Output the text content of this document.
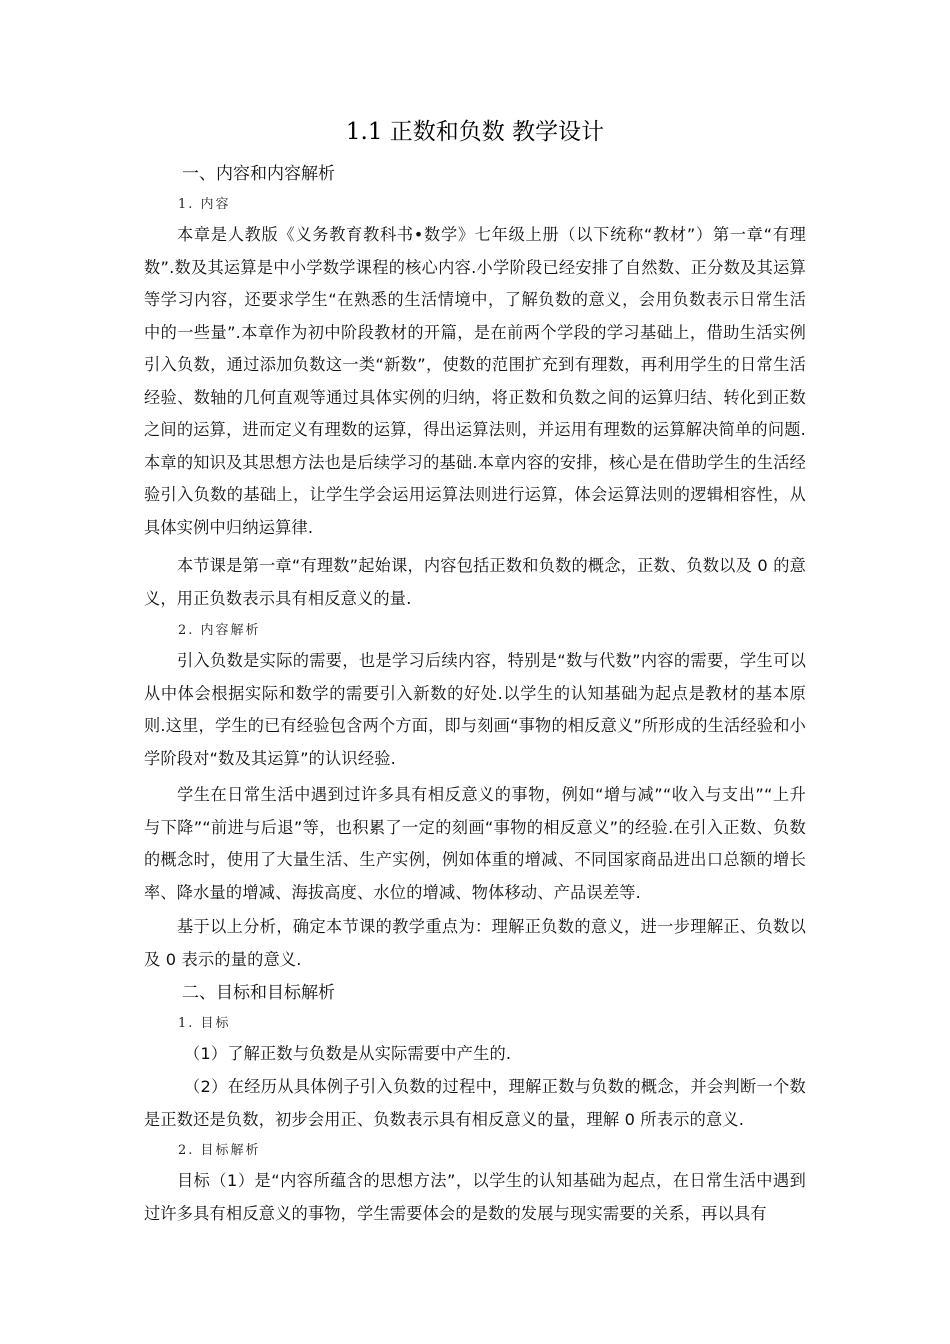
1.1 正数和负数 教学设计
一、内容和内容解析
1. 内容

本章是人教版《义务教育教科书•数学》七年级上册（以下统称“教材”）第一章“有理数”.数及其运算是中小学数学课程的核心内容.小学阶段已经安排了自然数、正分数及其运算等学习内容，还要求学生“在熟悉的生活情境中，了解负数的意义，会用负数表示日常生活中的一些量”.本章作为初中阶段教材的开篇，是在前两个学段的学习基础上，借助生活实例引入负数，通过添加负数这一类“新数”，使数的范围扩充到有理数，再利用学生的日常生活经验、数轴的几何直观等通过具体实例的归纳，将正数和负数之间的运算归结、转化到正数之间的运算，进而定义有理数的运算，得出运算法则，并运用有理数的运算解决简单的问题.本章的知识及其思想方法也是后续学习的基础.本章内容的安排，核心是在借助学生的生活经验引入负数的基础上，让学生学会运用运算法则进行运算，体会运算法则的逻辑相容性，从具体实例中归纳运算律.

本节课是第一章“有理数”起始课，内容包括正数和负数的概念，正数、负数以及 0 的意义，用正负数表示具有相反意义的量.

2. 内容解析

引入负数是实际的需要，也是学习后续内容，特别是“数与代数”内容的需要，学生可以从中体会根据实际和数学的需要引入新数的好处.以学生的认知基础为起点是教材的基本原则.这里，学生的已有经验包含两个方面，即与刻画“事物的相反意义”所形成的生活经验和小学阶段对“数及其运算”的认识经验.

学生在日常生活中遇到过许多具有相反意义的事物，例如“增与减”“收入与支出”“上升与下降”“前进与后退”等，也积累了一定的刻画“事物的相反意义”的经验.在引入正数、负数的概念时，使用了大量生活、生产实例，例如体重的增减、不同国家商品进出口总额的增长率、降水量的增减、海拔高度、水位的增减、物体移动、产品误差等.

基于以上分析，确定本节课的教学重点为：理解正负数的意义，进一步理解正、负数以及 0 表示的量的意义.

二、目标和目标解析
1. 目标

（1）了解正数与负数是从实际需要中产生的.

（2）在经历从具体例子引入负数的过程中，理解正数与负数的概念，并会判断一个数是正数还是负数，初步会用正、负数表示具有相反意义的量，理解 0 所表示的意义.

2. 目标解析

目标（1）是“内容所蕴含的思想方法”，以学生的认知基础为起点，在日常生活中遇到过许多具有相反意义的事物，学生需要体会的是数的发展与现实需要的关系，再以具有
